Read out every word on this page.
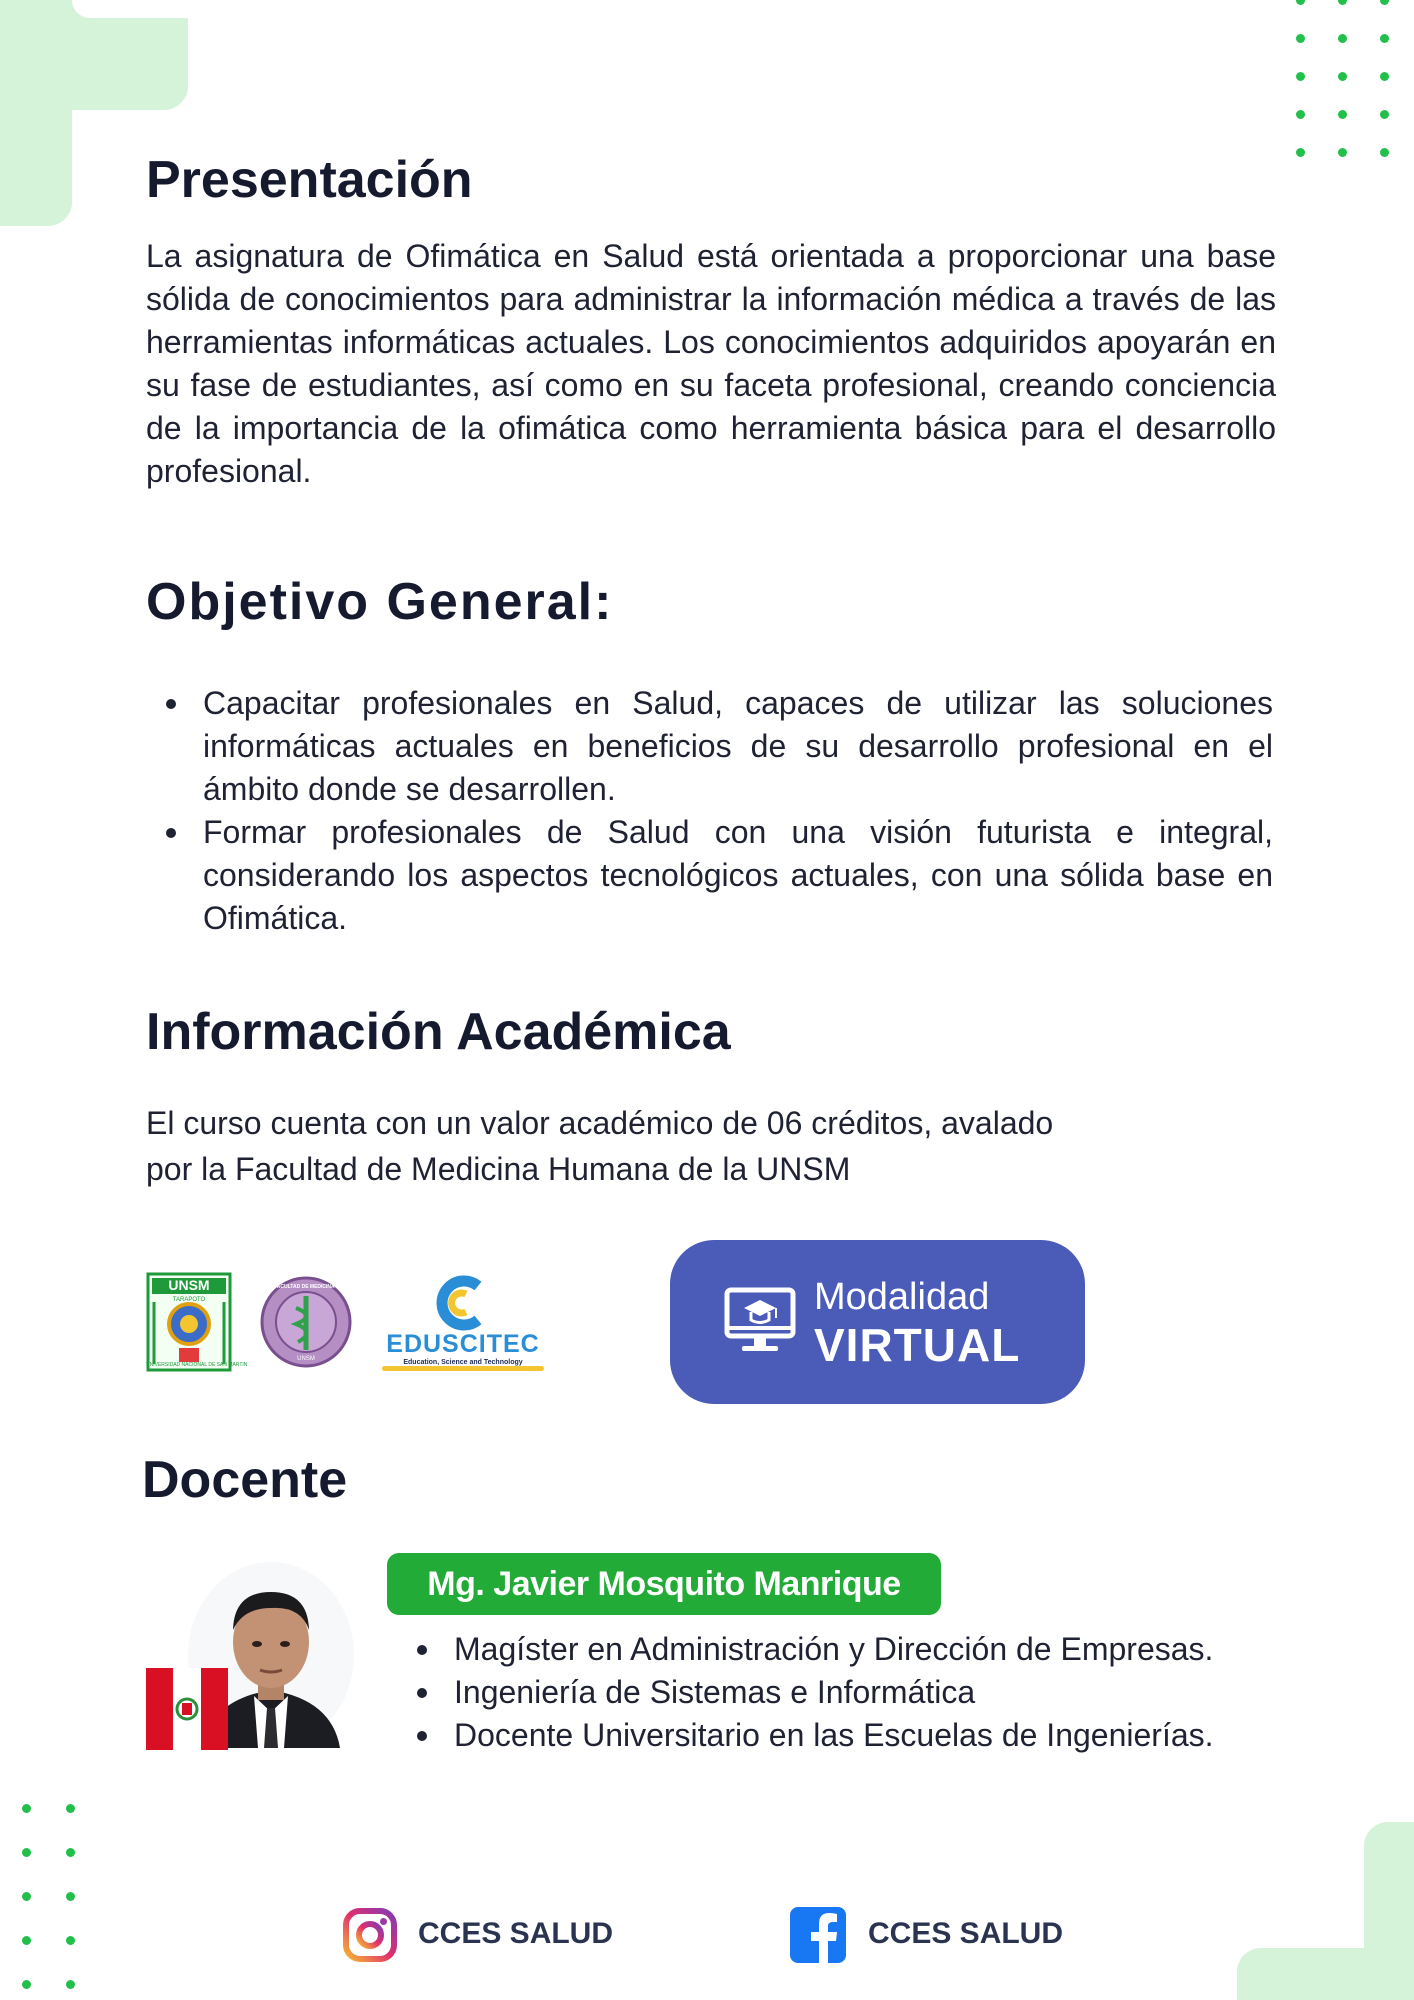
Presentación

La asignatura de Ofimática en Salud está orientada a proporcionar una base sólida de conocimientos para administrar la información médica a través de las herramientas informáticas actuales. Los conocimientos adquiridos apoyarán en su fase de estudiantes, así como en su faceta profesional, creando conciencia de la importancia de la ofimática como herramienta básica para el desarrollo profesional.

Objetivo General:
Capacitar profesionales en Salud, capaces de utilizar las soluciones informáticas actuales en beneficios de su desarrollo profesional en el ámbito donde se desarrollen.
Formar profesionales de Salud con una visión futurista e integral, considerando los aspectos tecnológicos actuales, con una sólida base en Ofimática.
Información Académica
El curso cuenta con un valor académico de 06 créditos, avalado
por la Facultad de Medicina Humana de la UNSM
UNSM
TARAPOTO
UNIVERSIDAD NACIONAL DE SAN MARTIN
FACULTAD DE MEDICINA HUMANA
UNSM
EDUSCITEC
Education, Science and Technology
Modalidad
VIRTUAL
Docente
Mg. Javier Mosquito Manrique
Magíster en Administración y Dirección de Empresas.
Ingeniería de Sistemas e Informática
Docente Universitario en las Escuelas de Ingenierías.
CCES SALUD	CCES SALUD
